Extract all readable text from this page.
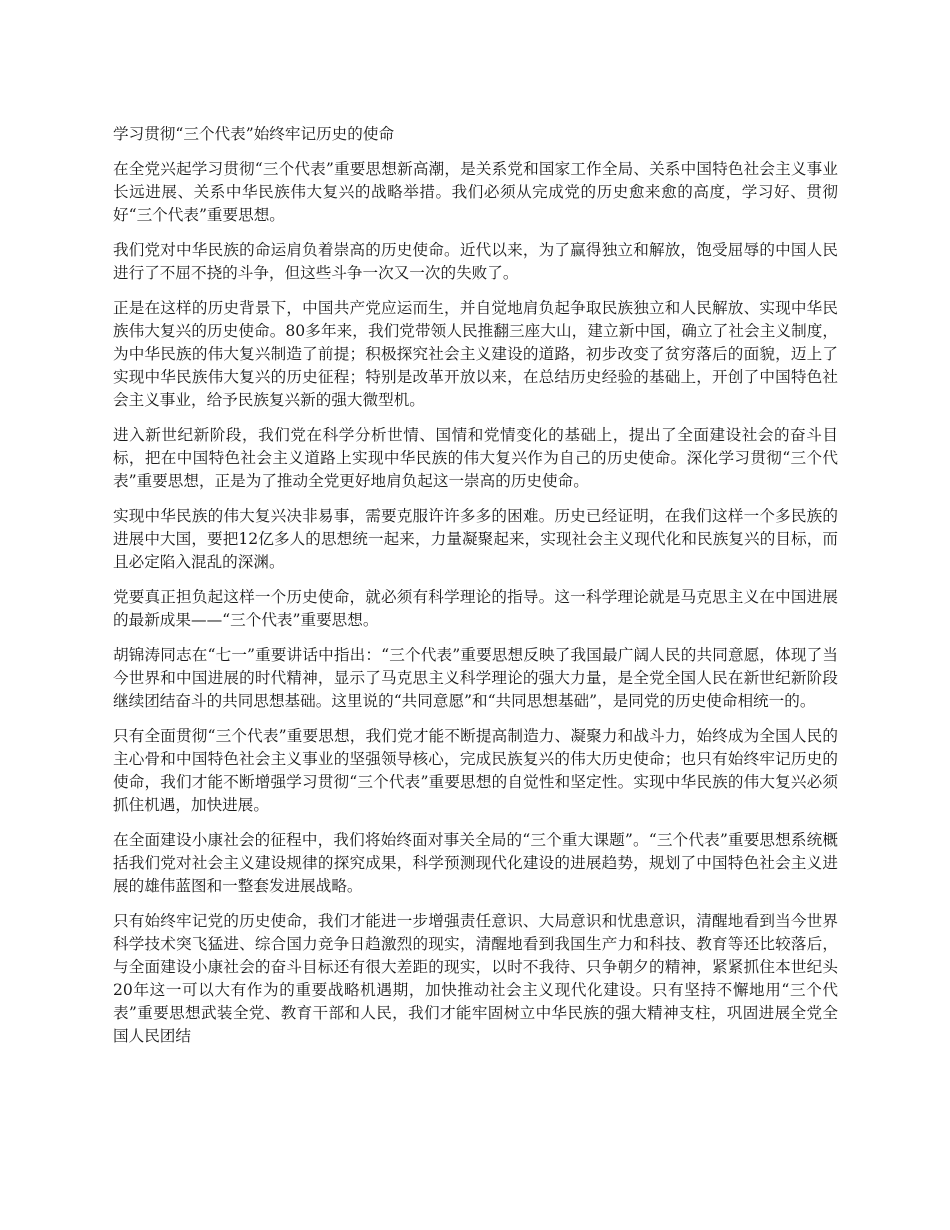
学习贯彻“三个代表”始终牢记历史的使命

在全党兴起学习贯彻“三个代表”重要思想新高潮，是关系党和国家工作全局、关系中国特色社会主义事业长远进展、关系中华民族伟大复兴的战略举措。我们必须从完成党的历史愈来愈的高度，学习好、贯彻好“三个代表”重要思想。

我们党对中华民族的命运肩负着崇高的历史使命。近代以来，为了赢得独立和解放，饱受屈辱的中国人民进行了不屈不挠的斗争，但这些斗争一次又一次的失败了。

正是在这样的历史背景下，中国共产党应运而生，并自觉地肩负起争取民族独立和人民解放、实现中华民族伟大复兴的历史使命。80多年来，我们党带领人民推翻三座大山，建立新中国，确立了社会主义制度，为中华民族的伟大复兴制造了前提；积极探究社会主义建设的道路，初步改变了贫穷落后的面貌，迈上了实现中华民族伟大复兴的历史征程；特别是改革开放以来，在总结历史经验的基础上，开创了中国特色社会主义事业，给予民族复兴新的强大微型机。

进入新世纪新阶段，我们党在科学分析世情、国情和党情变化的基础上，提出了全面建设社会的奋斗目标，把在中国特色社会主义道路上实现中华民族的伟大复兴作为自己的历史使命。深化学习贯彻“三个代表”重要思想，正是为了推动全党更好地肩负起这一崇高的历史使命。

实现中华民族的伟大复兴决非易事，需要克服许许多多的困难。历史已经证明，在我们这样一个多民族的进展中大国，要把12亿多人的思想统一起来，力量凝聚起来，实现社会主义现代化和民族复兴的目标，而且必定陷入混乱的深渊。

党要真正担负起这样一个历史使命，就必须有科学理论的指导。这一科学理论就是马克思主义在中国进展的最新成果——“三个代表”重要思想。

胡锦涛同志在“七一”重要讲话中指出：“三个代表”重要思想反映了我国最广阔人民的共同意愿，体现了当今世界和中国进展的时代精神，显示了马克思主义科学理论的强大力量，是全党全国人民在新世纪新阶段继续团结奋斗的共同思想基础。这里说的“共同意愿”和“共同思想基础”，是同党的历史使命相统一的。

只有全面贯彻“三个代表”重要思想，我们党才能不断提高制造力、凝聚力和战斗力，始终成为全国人民的主心骨和中国特色社会主义事业的坚强领导核心，完成民族复兴的伟大历史使命；也只有始终牢记历史的使命，我们才能不断增强学习贯彻“三个代表”重要思想的自觉性和坚定性。实现中华民族的伟大复兴必须抓住机遇，加快进展。

在全面建设小康社会的征程中，我们将始终面对事关全局的“三个重大课题”。“三个代表”重要思想系统概括我们党对社会主义建设规律的探究成果，科学预测现代化建设的进展趋势，规划了中国特色社会主义进展的雄伟蓝图和一整套发进展战略。

只有始终牢记党的历史使命，我们才能进一步增强责任意识、大局意识和忧患意识，清醒地看到当今世界科学技术突飞猛进、综合国力竞争日趋激烈的现实，清醒地看到我国生产力和科技、教育等还比较落后，与全面建设小康社会的奋斗目标还有很大差距的现实，以时不我待、只争朝夕的精神，紧紧抓住本世纪头20年这一可以大有作为的重要战略机遇期，加快推动社会主义现代化建设。只有坚持不懈地用“三个代表”重要思想武装全党、教育干部和人民，我们才能牢固树立中华民族的强大精神支柱，巩固进展全党全国人民团结
